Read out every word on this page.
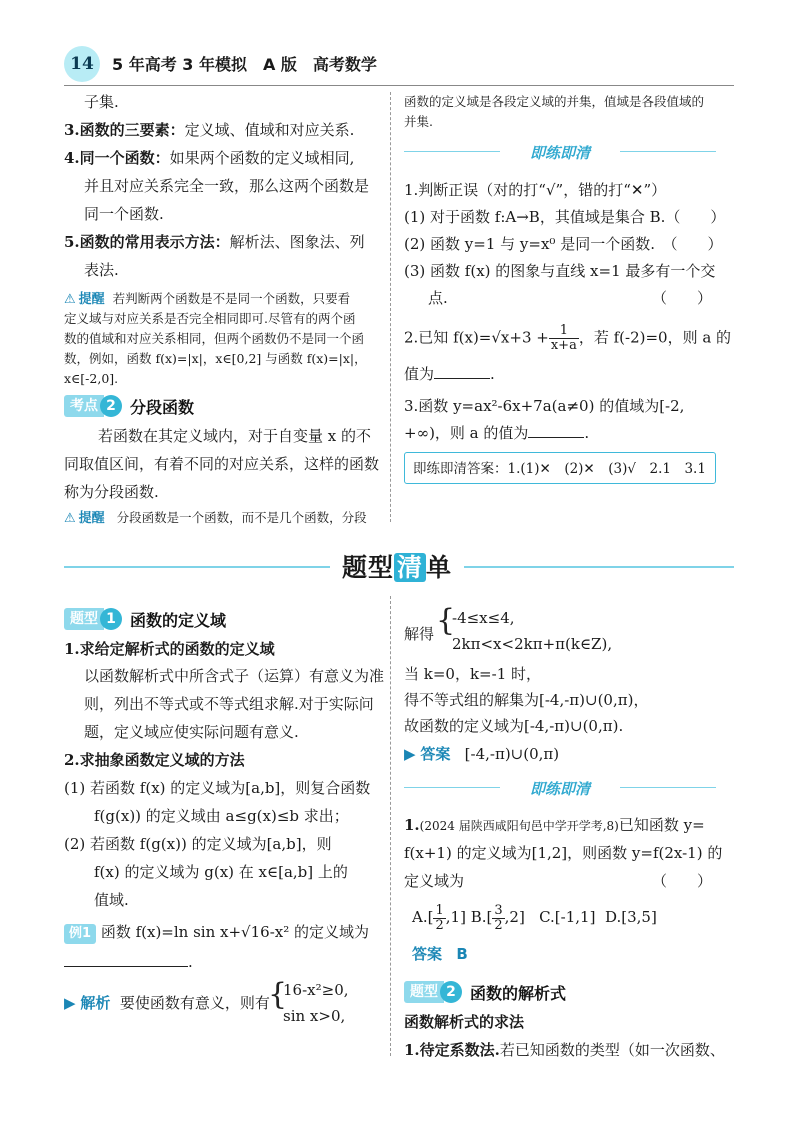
14 5 年高考 3 年模拟　A 版　高考数学
子集.
3.函数的三要素：定义域、值域和对应关系.
4.同一个函数：如果两个函数的定义域相同,
并且对应关系完全一致，那么这两个函数是
同一个函数.
5.函数的常用表示方法：解析法、图象法、列
表法.
⚠ 提醒 若判断两个函数是不是同一个函数，只要看
定义域与对应关系是否完全相同即可.尽管有的两个函
数的值域和对应关系相同，但两个函数仍不是同一个函
数，例如，函数 f(x)=|x|，x∈[0,2] 与函数 f(x)=|x|，
x∈[-2,0].
考点 2 分段函数
若函数在其定义域内，对于自变量 x 的不
同取值区间，有着不同的对应关系，这样的函数
称为分段函数.
⚠ 提醒 分段函数是一个函数，而不是几个函数，分段
函数的定义域是各段定义域的并集，值域是各段值域的
并集.
即练即清
1.判断正误（对的打“√”，错的打“✕”）
(1) 对于函数 f:A→B，其值域是集合 B.（　　）
(2) 函数 y=1 与 y=x⁰ 是同一个函数.　（　　）
(3) 函数 f(x) 的图象与直线 x=1 最多有一个交
点.	（　　）
2.已知 $f(x)=√x+3 + \frac{1}{x+a}$ ，若 f(-2)=0，则 a 的
值为	.
3.函数 y=ax²-6x+7a(a≠0) 的值域为[-2,
+∞)，则 a 的值为	.
即练即清答案：1.(1)✕　(2)✕　(3)√　2.1　3.1
题型 清 单
题型 1 函数的定义域
1.求给定解析式的函数的定义域
以函数解析式中所含式子（运算）有意义为准
则，列出不等式或不等式组求解.对于实际问
题，定义域应使实际问题有意义.
2.求抽象函数定义域的方法
(1) 若函数 f(x) 的定义域为[a,b]，则复合函数
f(g(x)) 的定义域由 a≤g(x)≤b 求出；
(2) 若函数 f(g(x)) 的定义域为[a,b]，则
f(x) 的定义域为 g(x) 在 x∈[a,b] 上的
值域.
例1 函数 f(x)=ln sin x+√16-x² 的定义域为
.
▶ 解析 要使函数有意义，则有
{
16-x²≥0,
sin x>0,
解得 {
-4≤x≤4,
2kπ<x<2kπ+π(k∈Z),
当 k=0，k=-1 时，
得不等式组的解集为[-4,-π)∪(0,π)，
故函数的定义域为[-4,-π)∪(0,π).
▶ 答案 [-4,-π)∪(0,π)
即练即清
1.(2024 届陕西咸阳旬邑中学开学考,8)已知函数 y=
f(x+1) 的定义域为[1,2]，则函数 y=f(2x-1) 的
定义域为	（　　）
$A.[ \frac{1}{2} ,1]$ $B.[ \frac{3}{2} ,2]$   C.[-1,1] D.[3,5]
答案 B
题型 2 函数的解析式
函数解析式的求法
1.待定系数法.若已知函数的类型（如一次函数、
